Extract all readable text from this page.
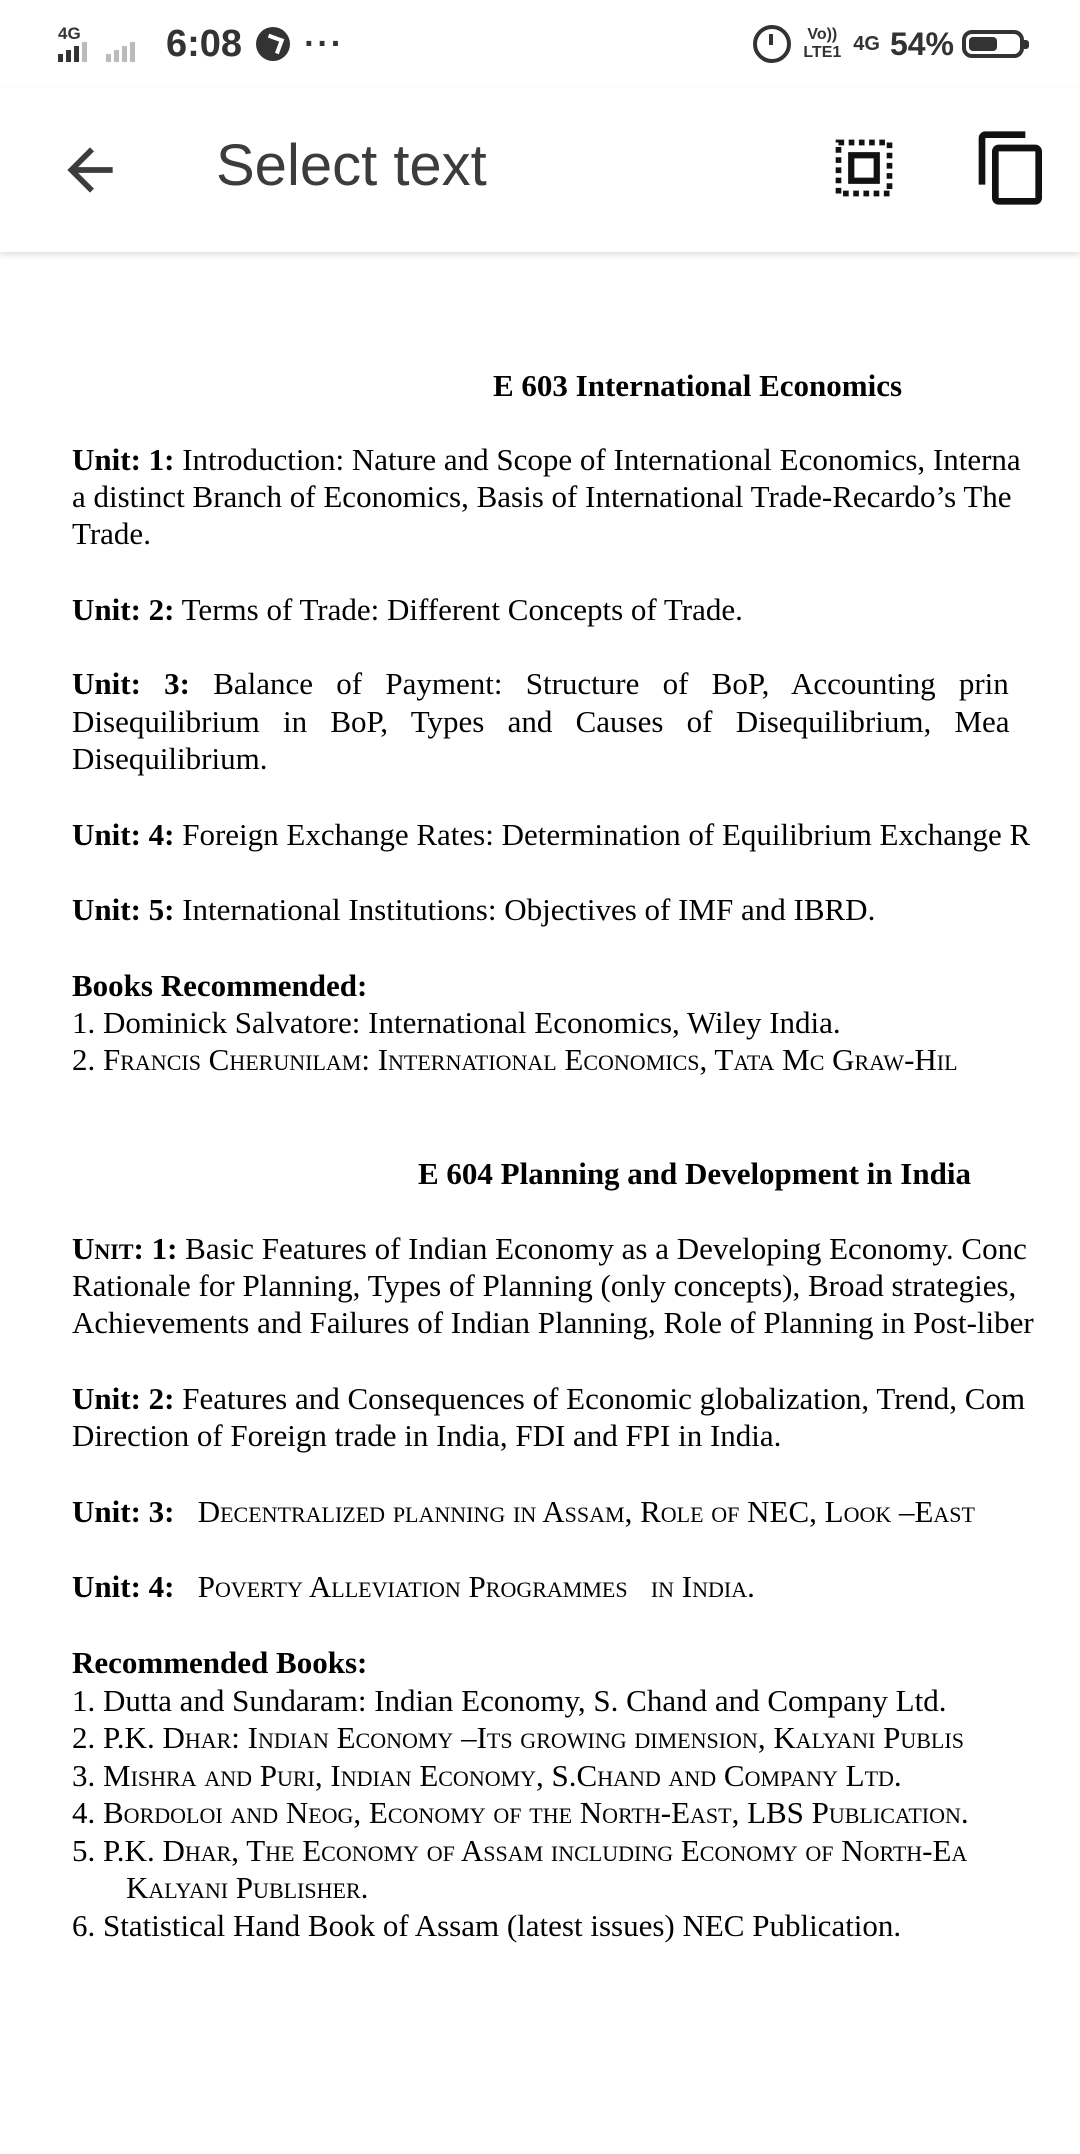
4G 6:08 ···	Vo))
LTE1 4G 54%
Select text
E 603 International Economics
Unit: 1: Introduction: Nature and Scope of International Economics, Interna
a distinct Branch of Economics, Basis of International Trade-Recardo’s The
Trade.
Unit: 2: Terms of Trade: Different Concepts of Trade.
Unit:   3:   Balance   of   Payment:   Structure   of   BoP,   Accounting   prin
Disequilibrium   in   BoP,   Types   and   Causes   of   Disequilibrium,   Mea
Disequilibrium.
Unit: 4: Foreign Exchange Rates: Determination of Equilibrium Exchange R
Unit: 5: International Institutions: Objectives of IMF and IBRD.
Books Recommended:
1. Dominick Salvatore: International Economics, Wiley India.
2. Francis Cherunilam: International Economics, Tata Mc Graw-Hil
E 604 Planning and Development in India
Unit: 1: Basic Features of Indian Economy as a Developing Economy. Conc
Rationale for Planning, Types of Planning (only concepts), Broad strategies,
Achievements and Failures of Indian Planning, Role of Planning in Post-liber
Unit: 2: Features and Consequences of Economic globalization, Trend, Com
Direction of Foreign trade in India, FDI and FPI in India.
Unit: 3:   Decentralized planning in Assam, Role of NEC, Look –East
Unit: 4:   Poverty Alleviation Programmes   in India.
Recommended Books:
1. Dutta and Sundaram: Indian Economy, S. Chand and Company Ltd.
2. P.K. Dhar: Indian Economy –Its growing dimension, Kalyani Publis
3. Mishra and Puri, Indian Economy, S.Chand and Company Ltd.
4. Bordoloi and Neog, Economy of the North-East, LBS Publication.
5. P.K. Dhar, The Economy of Assam including Economy of North-Ea
Kalyani Publisher.
6. Statistical Hand Book of Assam (latest issues) NEC Publication.
